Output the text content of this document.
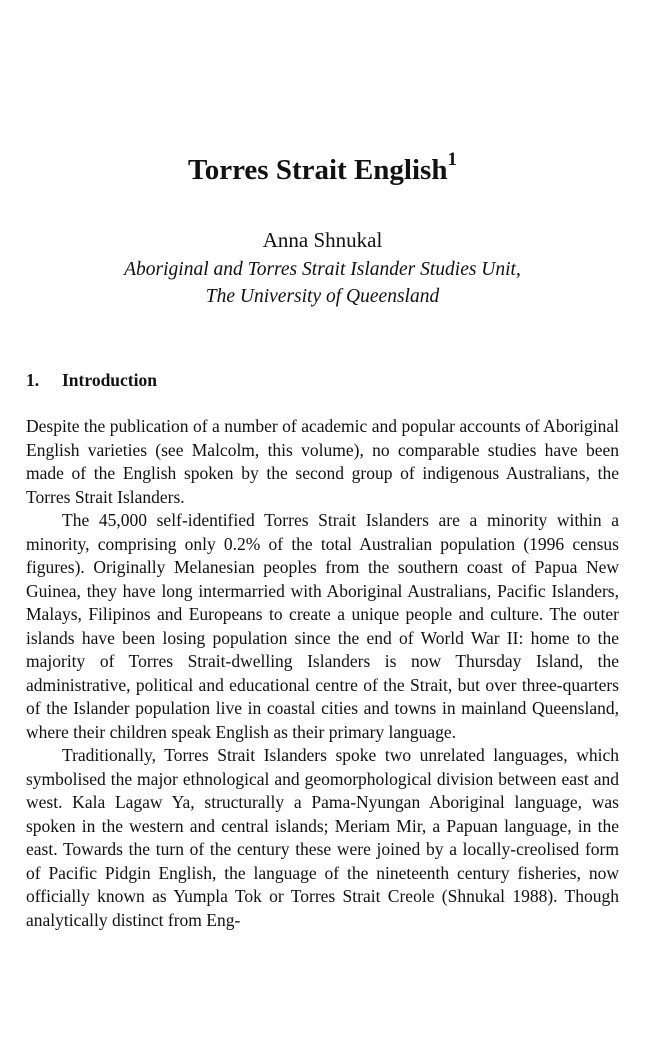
Torres Strait English$^1$
Anna Shnukal
Aboriginal and Torres Strait Islander Studies Unit,
The University of Queensland
1. Introduction

Despite the publication of a number of academic and popular accounts of Aboriginal English varieties (see Malcolm, this volume), no comparable studies have been made of the English spoken by the second group of indigenous Australians, the Torres Strait Islanders.

The 45,000 self-identified Torres Strait Islanders are a minority within a minority, comprising only 0.2% of the total Australian population (1996 census figures). Originally Melanesian peoples from the southern coast of Papua New Guinea, they have long intermarried with Aboriginal Australians, Pacific Islanders, Malays, Filipinos and Europeans to create a unique people and culture. The outer islands have been losing population since the end of World War II: home to the majority of Torres Strait-dwelling Islanders is now Thursday Island, the administrative, political and educational centre of the Strait, but over three-quarters of the Islander population live in coastal cities and towns in mainland Queensland, where their children speak English as their primary language.

Traditionally, Torres Strait Islanders spoke two unrelated languages, which symbolised the major ethnological and geomorphological division between east and west. Kala Lagaw Ya, structurally a Pama-Nyungan Aboriginal language, was spoken in the western and central islands; Meriam Mir, a Papuan language, in the east. Towards the turn of the century these were joined by a locally-creolised form of Pacific Pidgin English, the language of the nineteenth century fisheries, now officially known as Yumpla Tok or Torres Strait Creole (Shnukal 1988). Though analytically distinct from Eng-
